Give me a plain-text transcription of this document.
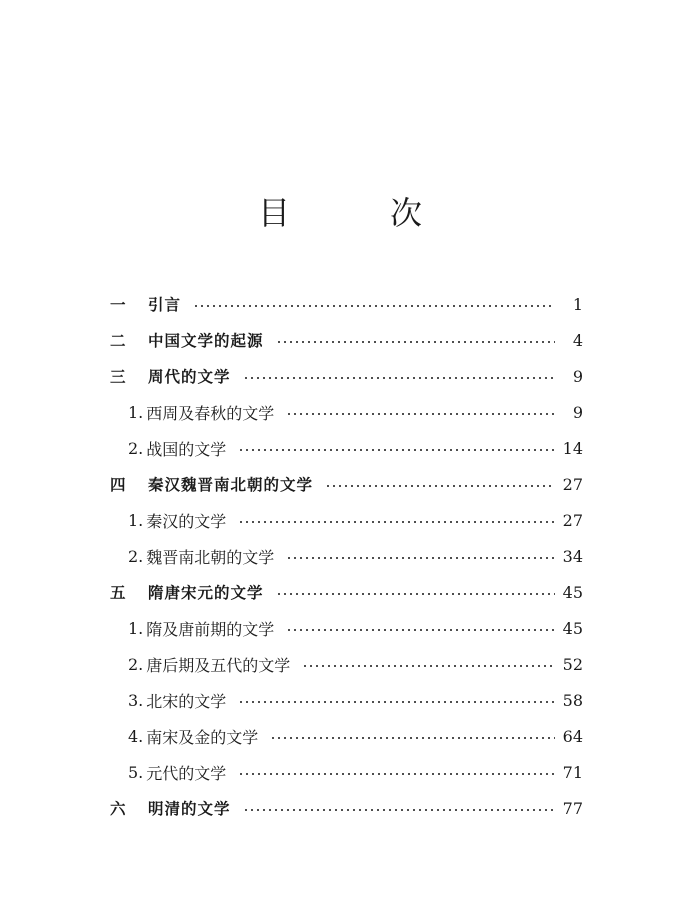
目　次
一	引言	1
二	中国文学的起源	4
三	周代的文学	9
1. 西周及春秋的文学	9
2. 战国的文学	14
四	秦汉魏晋南北朝的文学	27
1. 秦汉的文学	27
2. 魏晋南北朝的文学	34
五	隋唐宋元的文学	45
1. 隋及唐前期的文学	45
2. 唐后期及五代的文学	52
3. 北宋的文学	58
4. 南宋及金的文学	64
5. 元代的文学	71
六	明清的文学	77
